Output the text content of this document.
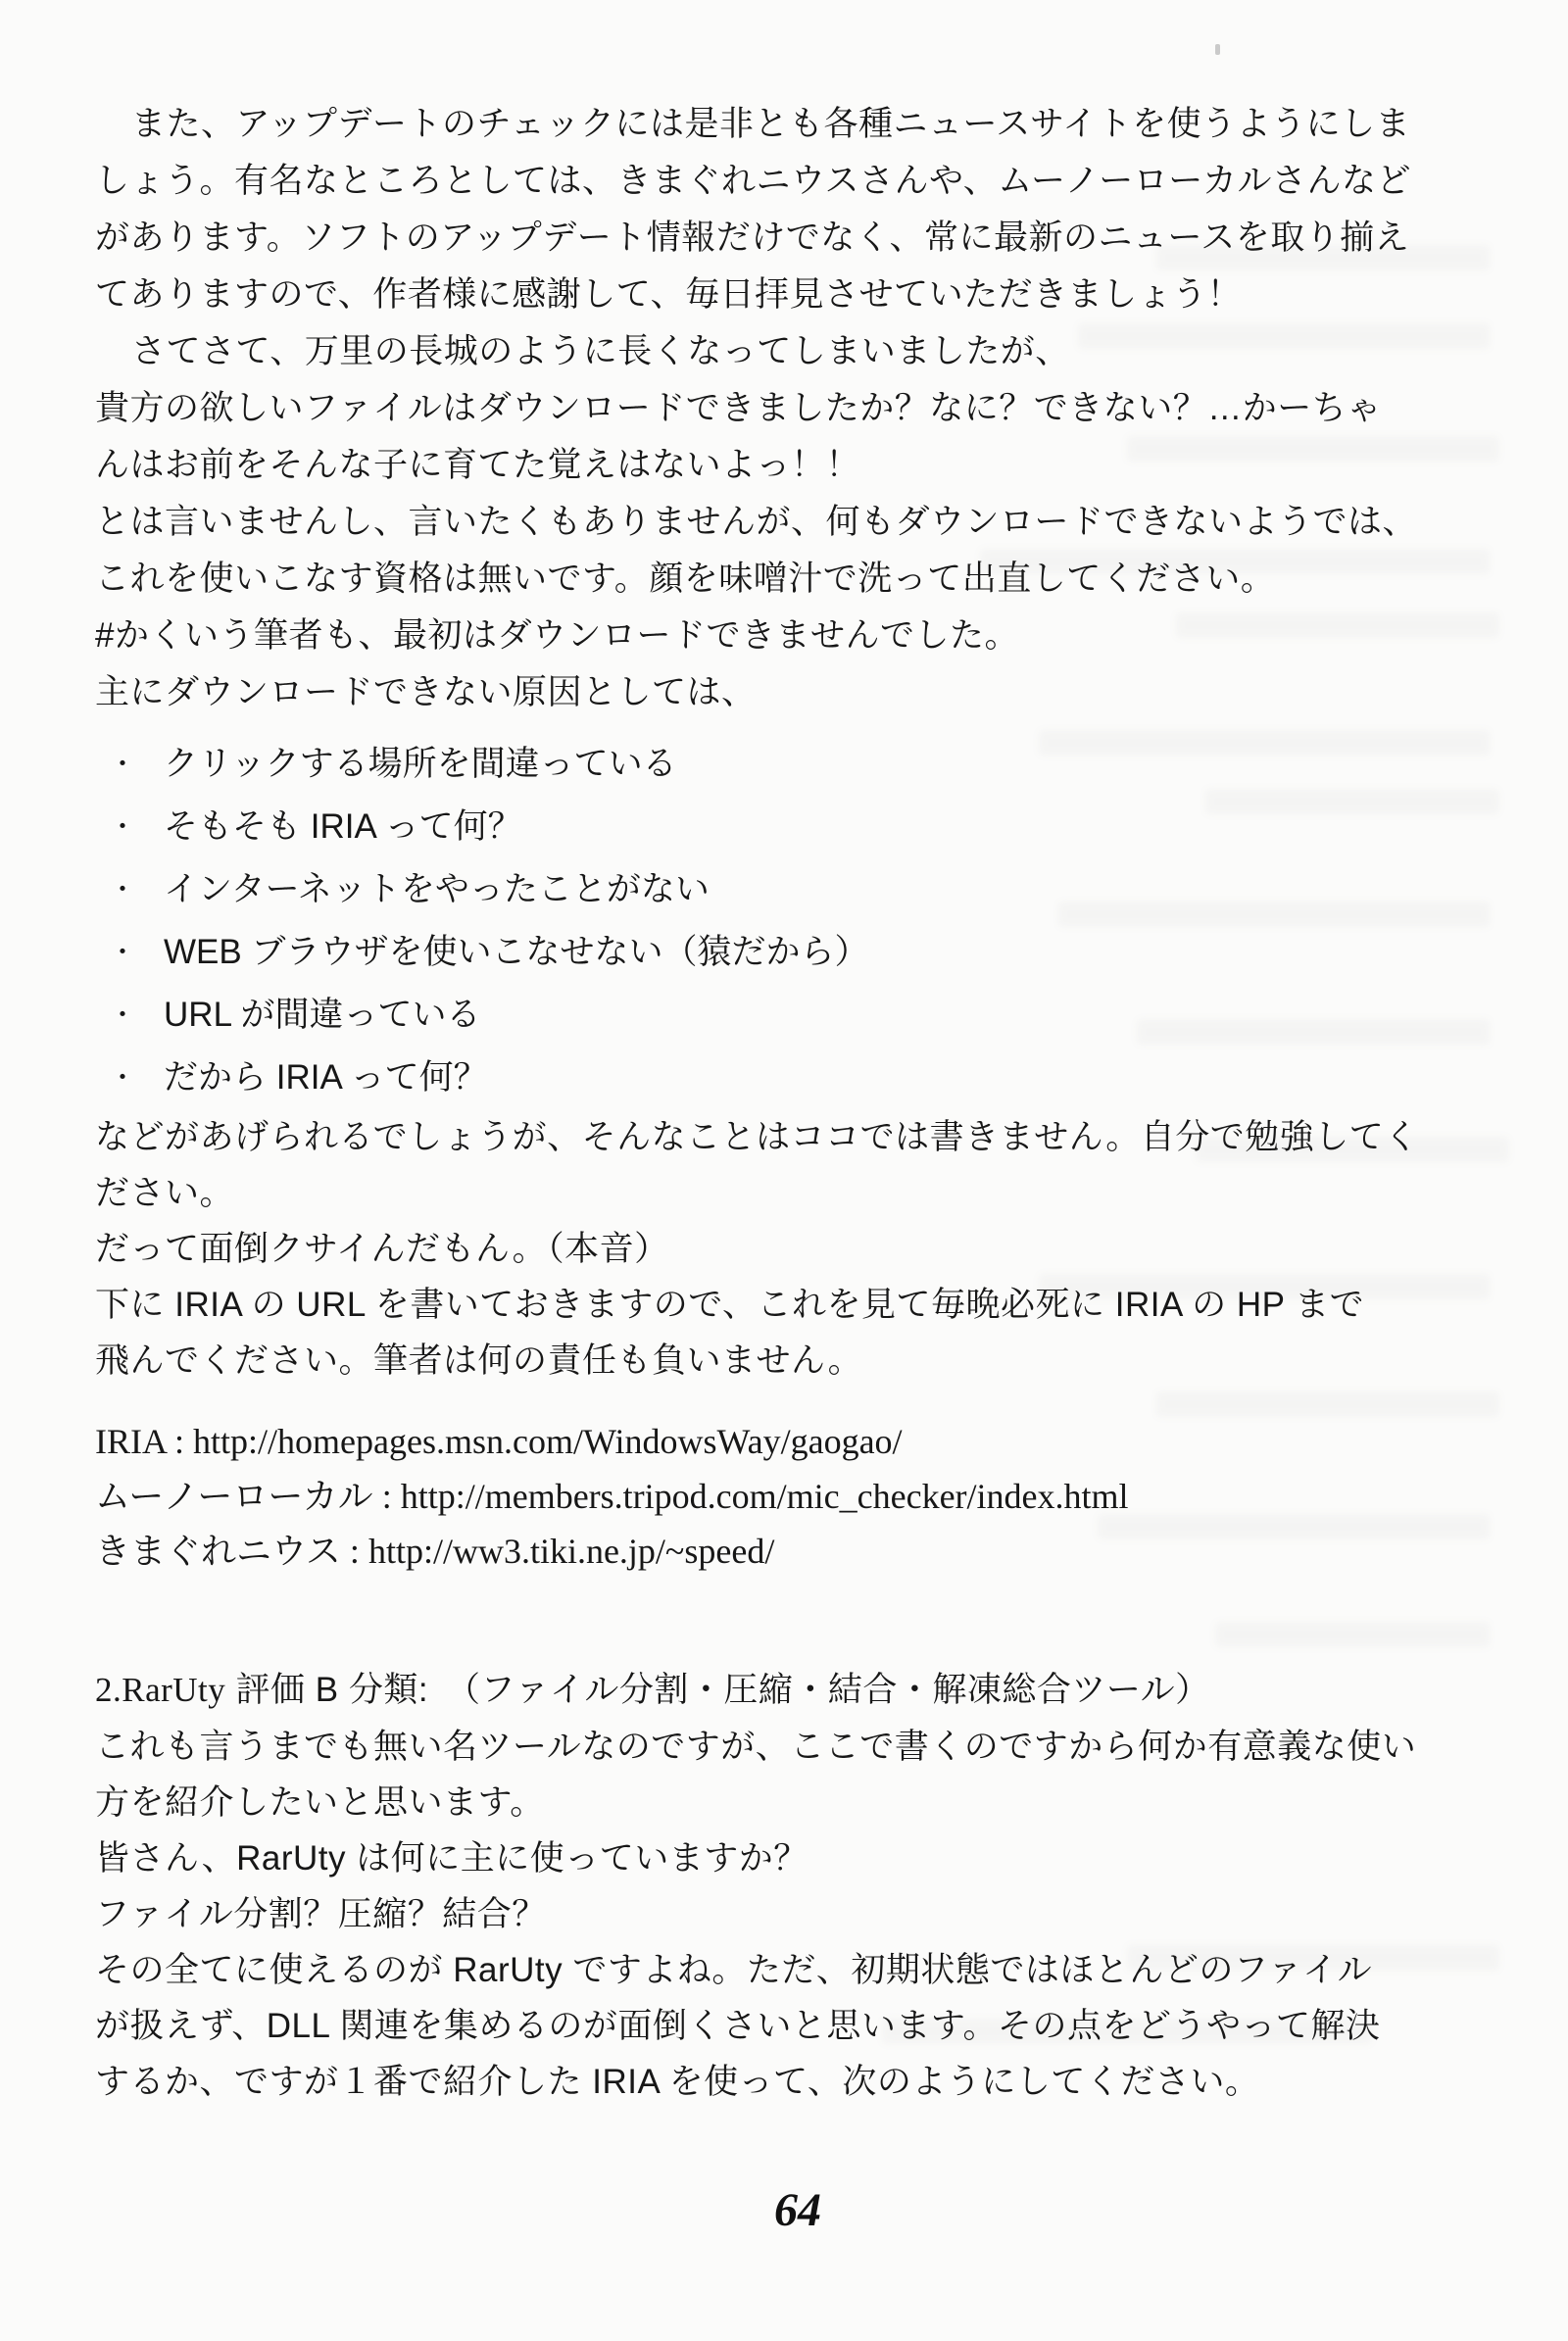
また、アップデートのチェックには是非とも各種ニュースサイトを使うようにしま
しょう。有名なところとしては、きまぐれニウスさんや、ムーノーローカルさんなど
があります。ソフトのアップデート情報だけでなく、常に最新のニュースを取り揃え
てありますので、作者様に感謝して、毎日拝見させていただきましょう！
さてさて、万里の長城のように長くなってしまいましたが、
貴方の欲しいファイルはダウンロードできましたか？なに？できない？…かーちゃ
んはお前をそんな子に育てた覚えはないよっ！！
とは言いませんし、言いたくもありませんが、何もダウンロードできないようでは、
これを使いこなす資格は無いです。顔を味噌汁で洗って出直してください。
#かくいう筆者も、最初はダウンロードできませんでした。
主にダウンロードできない原因としては、
・ クリックする場所を間違っている
・ そもそも IRIA って何？
・ インターネットをやったことがない
・ WEB ブラウザを使いこなせない（猿だから）
・ URL が間違っている
・ だから IRIA って何？
などがあげられるでしょうが、そんなことはココでは書きません。自分で勉強してく
ださい。
だって面倒クサイんだもん。（本音）
下に IRIA の URL を書いておきますので、これを見て毎晩必死に IRIA の HP まで
飛んでください。筆者は何の責任も負いません。
IRIA : http://homepages.msn.com/WindowsWay/gaogao/
ムーノーローカル : http://members.tripod.com/mic_checker/index.html
きまぐれニウス : http://ww3.tiki.ne.jp/~speed/
2.RarUty 評価 B 分類:　（ファイル分割・圧縮・結合・解凍総合ツール）
これも言うまでも無い名ツールなのですが、ここで書くのですから何か有意義な使い
方を紹介したいと思います。
皆さん、RarUty は何に主に使っていますか？
ファイル分割？圧縮？結合？
その全てに使えるのが RarUty ですよね。ただ、初期状態ではほとんどのファイル
が扱えず、DLL 関連を集めるのが面倒くさいと思います。その点をどうやって解決
するか、ですが１番で紹介した IRIA を使って、次のようにしてください。
64
